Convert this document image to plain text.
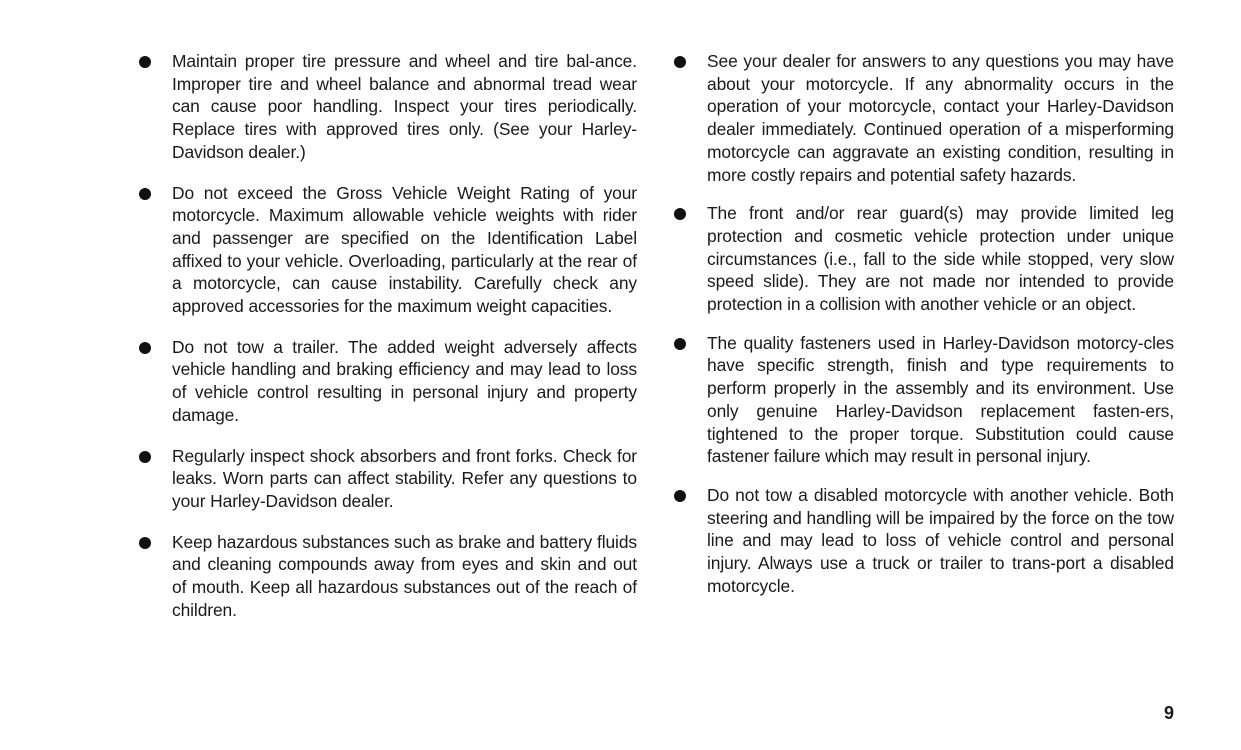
Maintain proper tire pressure and wheel and tire bal-ance. Improper tire and wheel balance and abnormal tread wear can cause poor handling. Inspect your tires periodically. Replace tires with approved tires only. (See your Harley-Davidson dealer.)
Do not exceed the Gross Vehicle Weight Rating of your motorcycle. Maximum allowable vehicle weights with rider and passenger are specified on the Identification Label affixed to your vehicle. Overloading, particularly at the rear of a motorcycle, can cause instability. Carefully check any approved accessories for the maximum weight capacities.
Do not tow a trailer. The added weight adversely affects vehicle handling and braking efficiency and may lead to loss of vehicle control resulting in personal injury and property damage.
Regularly inspect shock absorbers and front forks. Check for leaks. Worn parts can affect stability. Refer any questions to your Harley-Davidson dealer.
Keep hazardous substances such as brake and battery fluids and cleaning compounds away from eyes and skin and out of mouth. Keep all hazardous substances out of the reach of children.
See your dealer for answers to any questions you may have about your motorcycle. If any abnormality occurs in the operation of your motorcycle, contact your Harley-Davidson dealer immediately. Continued operation of a misperforming motorcycle can aggravate an existing condition, resulting in more costly repairs and potential safety hazards.
The front and/or rear guard(s) may provide limited leg protection and cosmetic vehicle protection under unique circumstances (i.e., fall to the side while stopped, very slow speed slide). They are not made nor intended to provide protection in a collision with another vehicle or an object.
The quality fasteners used in Harley-Davidson motorcy-cles have specific strength, finish and type requirements to perform properly in the assembly and its environment. Use only genuine Harley-Davidson replacement fasten-ers, tightened to the proper torque. Substitution could cause fastener failure which may result in personal injury.
Do not tow a disabled motorcycle with another vehicle. Both steering and handling will be impaired by the force on the tow line and may lead to loss of vehicle control and personal injury. Always use a truck or trailer to trans-port a disabled motorcycle.
9
